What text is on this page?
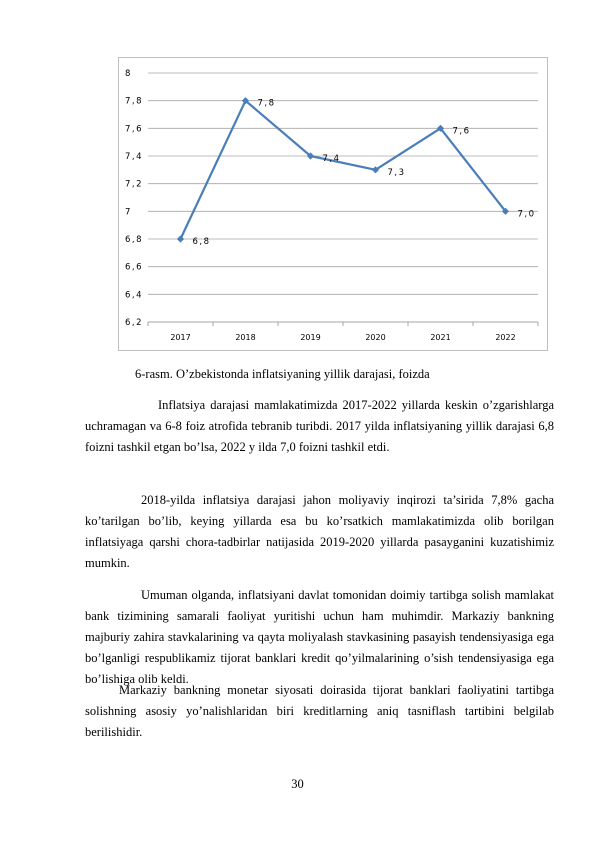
6,2
6,4
6,6
6,8
7
7,2
7,4
7,6
7,8
8
2017	2018	2019	2020	2021	2022
6,8
7,8
7,4
7,3
7,6
7,0
6-rasm. O’zbekistonda inflatsiyaning yillik darajasi, foizda

Inflatsiya darajasi mamlakatimizda 2017-2022 yillarda keskin o’zgarishlarga uchramagan va 6-8 foiz atrofida tebranib turibdi. 2017 yilda inflatsiyaning yillik darajasi 6,8 foizni tashkil etgan bo’lsa, 2022 y ilda 7,0 foizni tashkil etdi.

2018-yilda inflatsiya darajasi jahon moliyaviy inqirozi ta’sirida 7,8% gacha ko’tarilgan bo’lib, keying yillarda esa bu ko’rsatkich mamlakatimizda olib borilgan inflatsiyaga qarshi chora-tadbirlar natijasida 2019-2020 yillarda pasayganini kuzatishimiz mumkin.

Umuman olganda, inflatsiyani davlat tomonidan doimiy tartibga solish mamlakat bank tizimining samarali faoliyat yuritishi uchun ham muhimdir. Markaziy bankning majburiy zahira stavkalarining va qayta moliyalash stavkasining pasayish tendensiyasiga ega bo’lganligi respublikamiz tijorat banklari kredit qo’yilmalarining o’sish tendensiyasiga ega bo’lishiga olib keldi.

Markaziy bankning monetar siyosati doirasida tijorat banklari faoliyatini tartibga solishning asosiy yo’nalishlaridan biri kreditlarning aniq tasniflash tartibini belgilab berilishidir.

30
